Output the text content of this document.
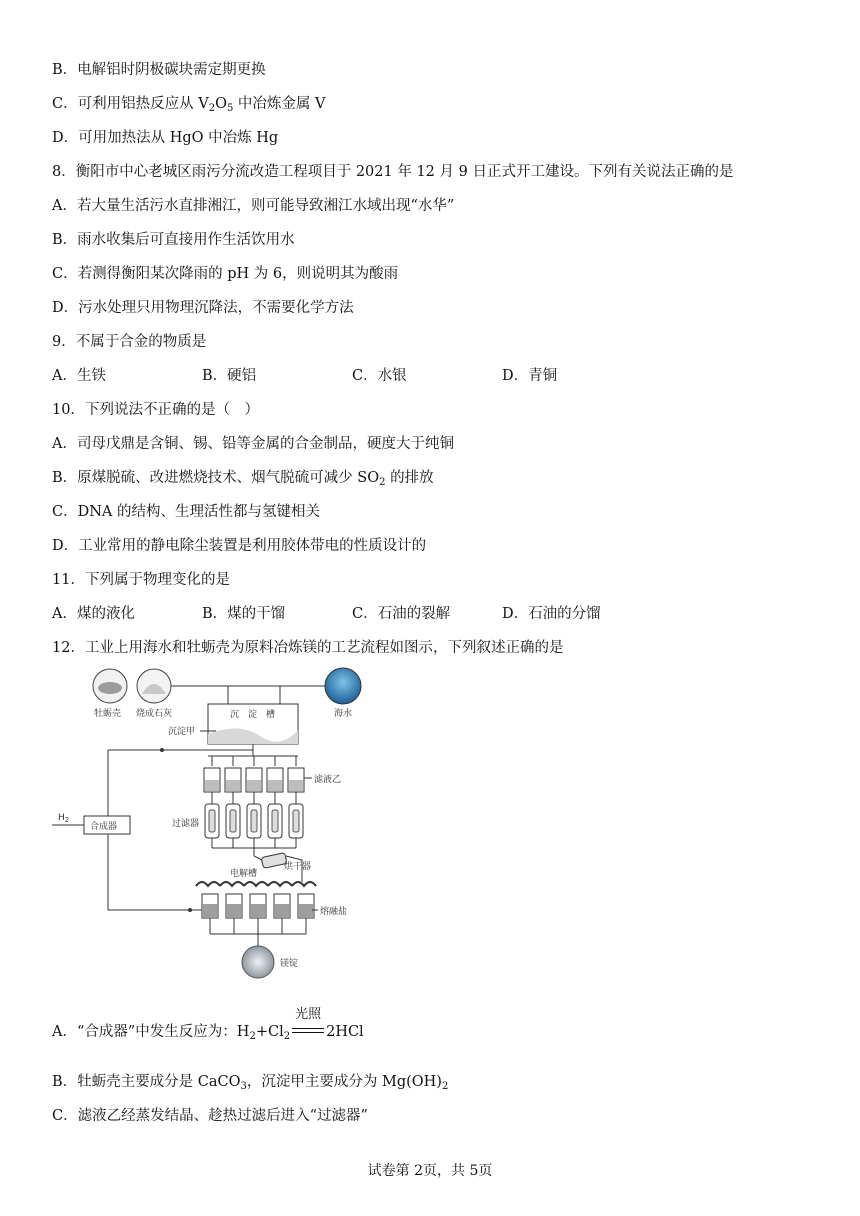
B．电解铝时阴极碳块需定期更换
C．可利用铝热反应从 $V_2O_5$ 中冶炼金属 V
D．可用加热法从 HgO 中冶炼 Hg
8．衡阳市中心老城区雨污分流改造工程项目于 2021 年 12 月 9 日正式开工建设。下列有关说法正确的是
A．若大量生活污水直排湘江，则可能导致湘江水域出现“水华”
B．雨水收集后可直接用作生活饮用水
C．若测得衡阳某次降雨的 pH 为 6，则说明其为酸雨
D．污水处理只用物理沉降法，不需要化学方法
9．不属于合金的物质是
A．生铁	B．硬铝	C．水银	D．青铜
10．下列说法不正确的是（　）
A．司母戊鼎是含铜、锡、铅等金属的合金制品，硬度大于纯铜
B．原煤脱硫、改进燃烧技术、烟气脱硫可减少 $SO_2$ 的排放
C．DNA 的结构、生理活性都与氢键相关
D．工业常用的静电除尘装置是利用胶体带电的性质设计的
11．下列属于物理变化的是
A．煤的液化	B．煤的干馏	C．石油的裂解	D．石油的分馏
12．工业上用海水和牡蛎壳为原料冶炼镁的工艺流程如图示，下列叙述正确的是
牡蛎壳 烧成石灰	海水
沉　淀　槽
沉淀甲
滤液乙
过滤器
烘干器
电解槽
熔融盐
合成器
$H_2$
镁锭
A．“合成器”中发生反应为：$H_2+Cl_2$
光照
2HCl
B．牡蛎壳主要成分是 CaCO$_3$，沉淀甲主要成分为 $Mg(OH)_2$
C．滤液乙经蒸发结晶、趁热过滤后进入“过滤器”
试卷第 2页，共 5页
